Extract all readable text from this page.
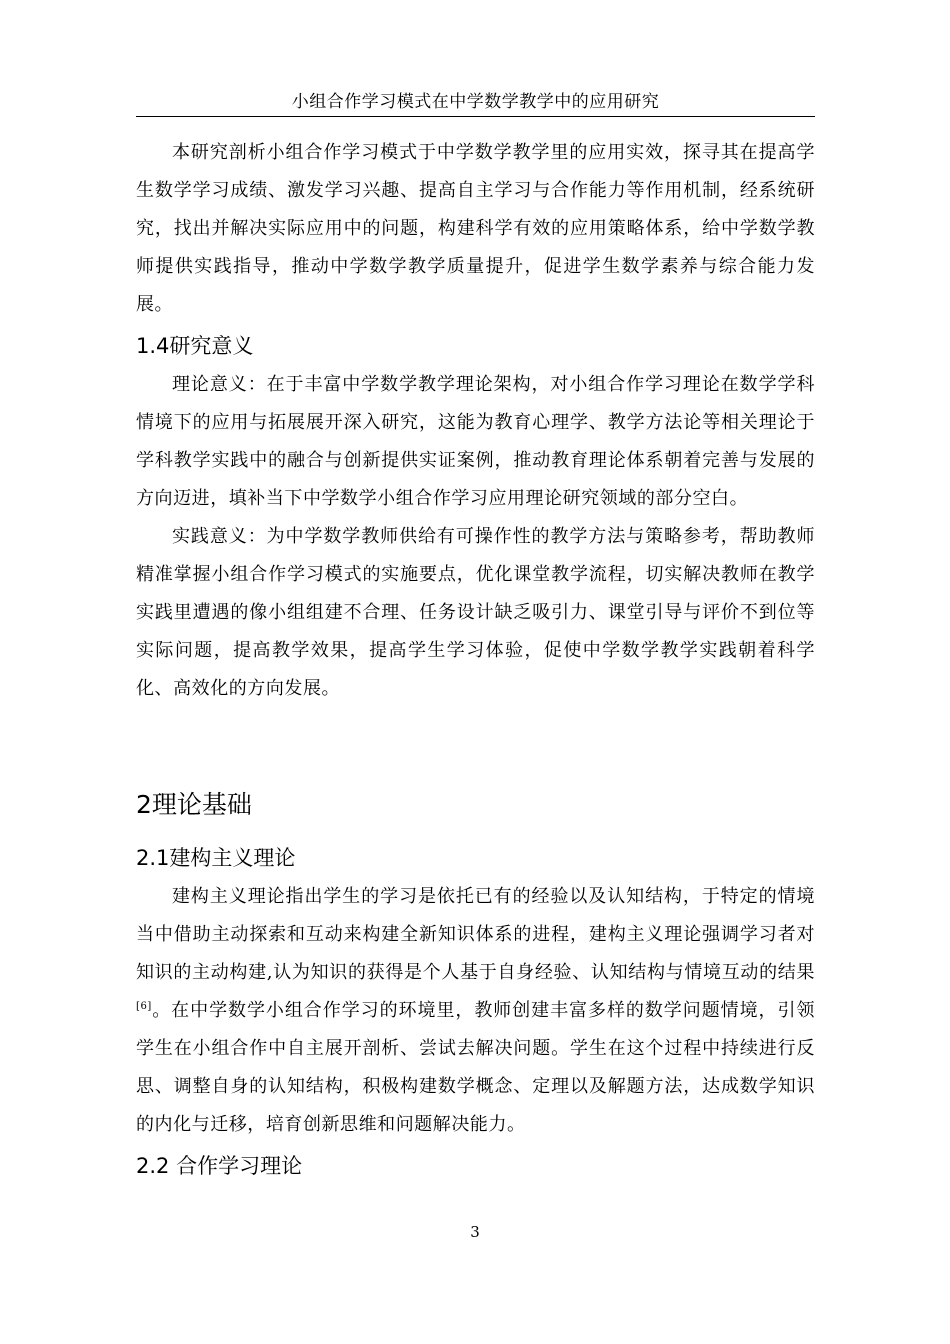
小组合作学习模式在中学数学教学中的应用研究

本研究剖析小组合作学习模式于中学数学教学里的应用实效，探寻其在提高学生数学学习成绩、激发学习兴趣、提高自主学习与合作能力等作用机制，经系统研究，找出并解决实际应用中的问题，构建科学有效的应用策略体系，给中学数学教师提供实践指导，推动中学数学教学质量提升，促进学生数学素养与综合能力发展。

1.4研究意义

理论意义：在于丰富中学数学教学理论架构，对小组合作学习理论在数学学科情境下的应用与拓展展开深入研究，这能为教育心理学、教学方法论等相关理论于学科教学实践中的融合与创新提供实证案例，推动教育理论体系朝着完善与发展的方向迈进，填补当下中学数学小组合作学习应用理论研究领域的部分空白。

实践意义：为中学数学教师供给有可操作性的教学方法与策略参考，帮助教师精准掌握小组合作学习模式的实施要点，优化课堂教学流程，切实解决教师在教学实践里遭遇的像小组组建不合理、任务设计缺乏吸引力、课堂引导与评价不到位等实际问题，提高教学效果，提高学生学习体验，促使中学数学教学实践朝着科学化、高效化的方向发展。

2理论基础
2.1建构主义理论

建构主义理论指出学生的学习是依托已有的经验以及认知结构，于特定的情境当中借助主动探索和互动来构建全新知识体系的进程，建构主义理论强调学习者对知识的主动构建,认为知识的获得是个人基于自身经验、认知结构与情境互动的结果[6]。在中学数学小组合作学习的环境里，教师创建丰富多样的数学问题情境，引领学生在小组合作中自主展开剖析、尝试去解决问题。学生在这个过程中持续进行反思、调整自身的认知结构，积极构建数学概念、定理以及解题方法，达成数学知识的内化与迁移，培育创新思维和问题解决能力。

2.2 合作学习理论
3
